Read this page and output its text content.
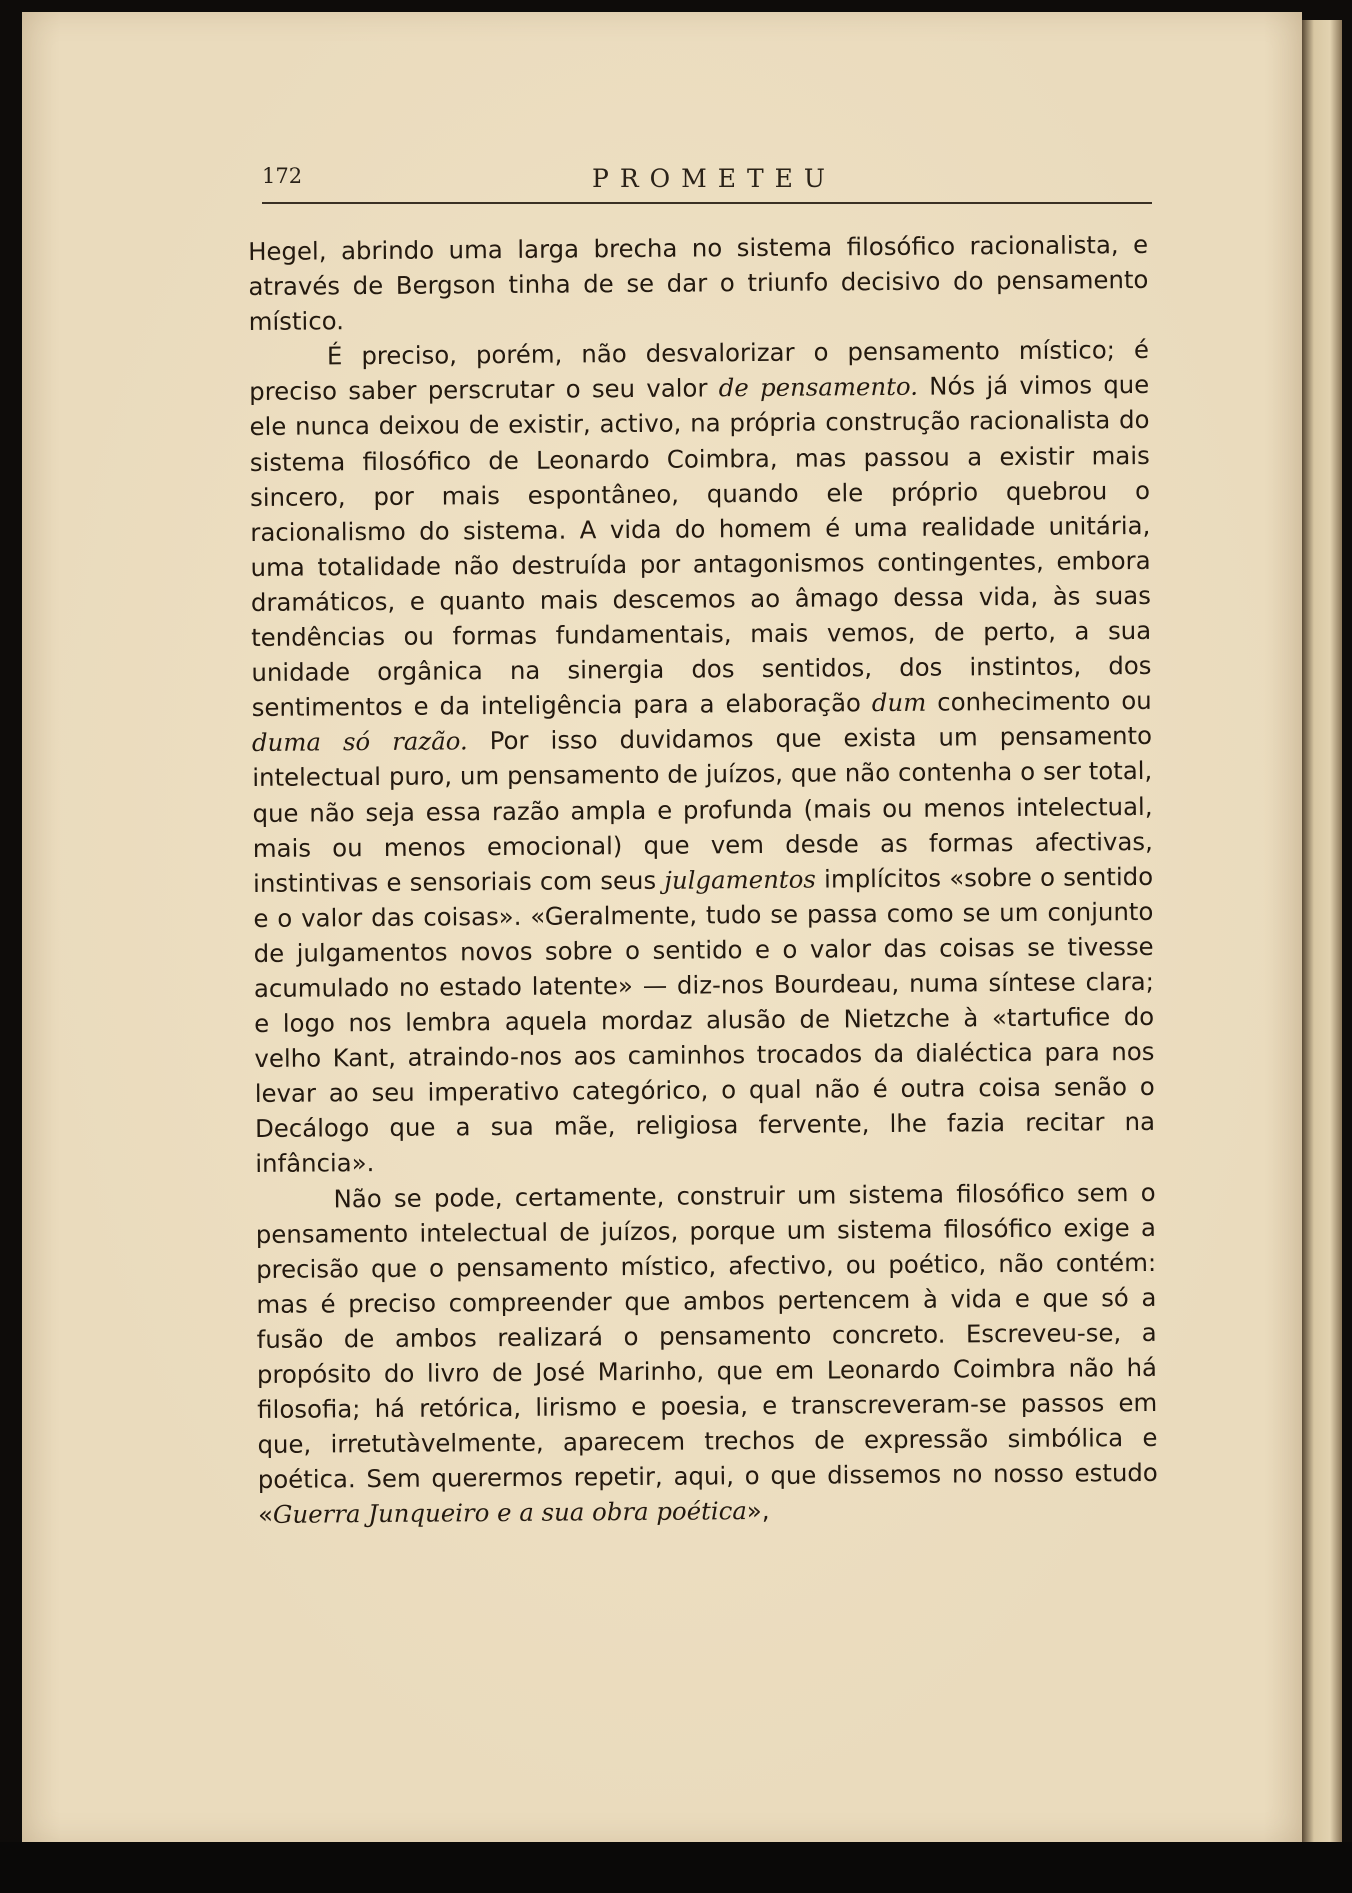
172	PROMETEU

Hegel, abrindo uma larga brecha no sistema filosófico racionalista, e através de Bergson tinha de se dar o triunfo decisivo do pensamento místico.

É preciso, porém, não desvalorizar o pensamento místico; é preciso saber perscrutar o seu valor de pensamento. Nós já vimos que ele nunca deixou de existir, activo, na própria construção racionalista do sistema filosófico de Leonardo Coimbra, mas passou a existir mais sincero, por mais espontâneo, quando ele próprio quebrou o racionalismo do sistema. A vida do homem é uma realidade unitária, uma totalidade não destruída por antagonismos contingentes, embora dramáticos, e quanto mais descemos ao âmago dessa vida, às suas tendências ou formas fundamentais, mais vemos, de perto, a sua unidade orgânica na sinergia dos sentidos, dos instintos, dos sentimentos e da inteligência para a elaboração dum conhecimento ou duma só razão. Por isso duvidamos que exista um pensamento intelectual puro, um pensamento de juízos, que não contenha o ser total, que não seja essa razão ampla e profunda (mais ou menos intelectual, mais ou menos emocional) que vem desde as formas afectivas, instintivas e sensoriais com seus julgamentos implícitos «sobre o sentido e o valor das coisas». «Geralmente, tudo se passa como se um conjunto de julgamentos novos sobre o sentido e o valor das coisas se tivesse acumulado no estado latente» — diz-nos Bourdeau, numa síntese clara; e logo nos lembra aquela mordaz alusão de Nietzche à «tartufice do velho Kant, atraindo-nos aos caminhos trocados da dialéctica para nos levar ao seu imperativo categórico, o qual não é outra coisa senão o Decálogo que a sua mãe, religiosa fervente, lhe fazia recitar na infância».

Não se pode, certamente, construir um sistema filosófico sem o pensamento intelectual de juízos, porque um sistema filosófico exige a precisão que o pensamento místico, afectivo, ou poético, não contém: mas é preciso compreender que ambos pertencem à vida e que só a fusão de ambos realizará o pensamento concreto. Escreveu-se, a propósito do livro de José Marinho, que em Leonardo Coimbra não há filosofia; há retórica, lirismo e poesia, e transcreveram-se passos em que, irretutàvelmente, aparecem trechos de expressão simbólica e poética. Sem querermos repetir, aqui, o que dissemos no nosso estudo «Guerra Junqueiro e a sua obra poética»,
